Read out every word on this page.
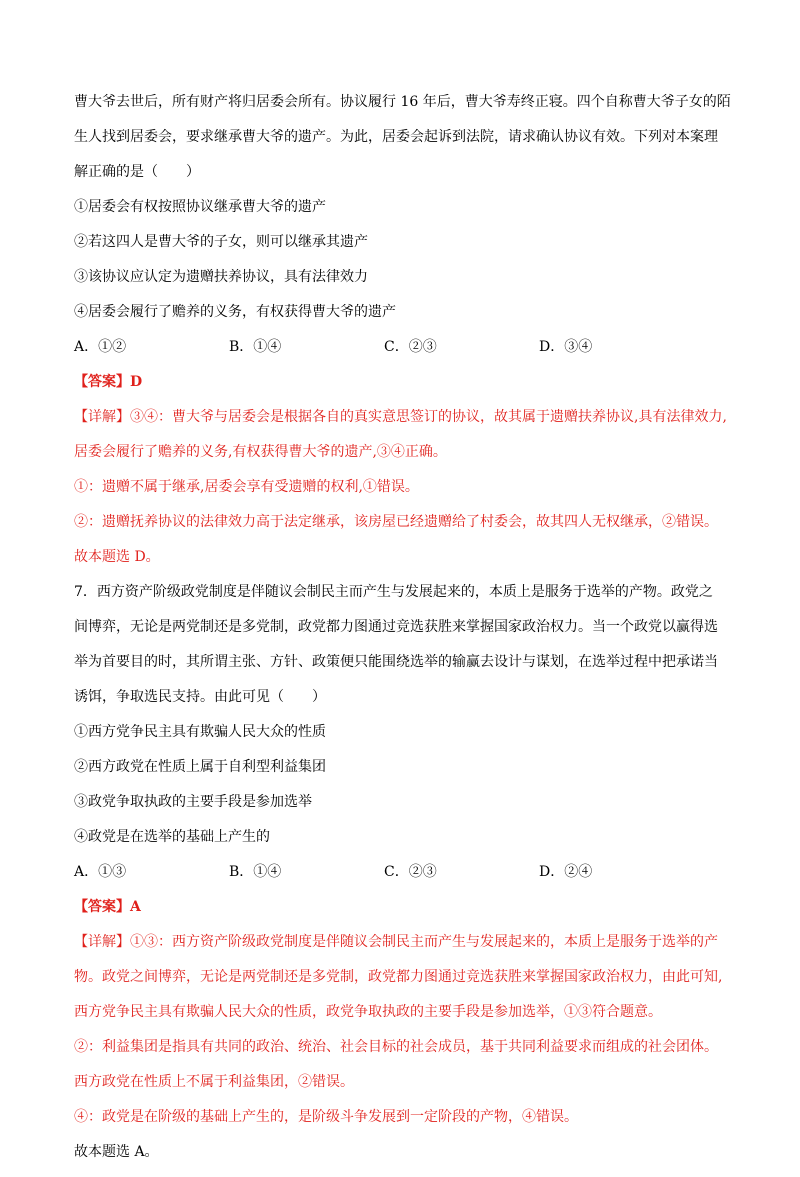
曹大爷去世后，所有财产将归居委会所有。协议履行 16 年后，曹大爷寿终正寝。四个自称曹大爷子女的陌
生人找到居委会，要求继承曹大爷的遗产。为此，居委会起诉到法院，请求确认协议有效。下列对本案理
解正确的是（　　）
①居委会有权按照协议继承曹大爷的遗产
②若这四人是曹大爷的子女，则可以继承其遗产
③该协议应认定为遗赠扶养协议，具有法律效力
④居委会履行了赡养的义务，有权获得曹大爷的遗产
A．①②	B．①④	C．②③	D．③④
【答案】D
【详解】③④：曹大爷与居委会是根据各自的真实意思签订的协议，故其属于遗赠扶养协议,具有法律效力,
居委会履行了赡养的义务,有权获得曹大爷的遗产,③④正确。
①：遗赠不属于继承,居委会享有受遗赠的权利,①错误。
②：遗赠抚养协议的法律效力高于法定继承，该房屋已经遗赠给了村委会，故其四人无权继承，②错误。
故本题选 D。
7．西方资产阶级政党制度是伴随议会制民主而产生与发展起来的，本质上是服务于选举的产物。政党之
间博弈，无论是两党制还是多党制，政党都力图通过竞选获胜来掌握国家政治权力。当一个政党以赢得选
举为首要目的时，其所谓主张、方针、政策便只能围绕选举的输赢去设计与谋划，在选举过程中把承诺当
诱饵，争取选民支持。由此可见（　　）
①西方党争民主具有欺骗人民大众的性质
②西方政党在性质上属于自利型利益集团
③政党争取执政的主要手段是参加选举
④政党是在选举的基础上产生的
A．①③	B．①④	C．②③	D．②④
【答案】A
【详解】①③：西方资产阶级政党制度是伴随议会制民主而产生与发展起来的，本质上是服务于选举的产
物。政党之间博弈，无论是两党制还是多党制，政党都力图通过竞选获胜来掌握国家政治权力，由此可知,
西方党争民主具有欺骗人民大众的性质，政党争取执政的主要手段是参加选举，①③符合题意。
②：利益集团是指具有共同的政治、统治、社会目标的社会成员，基于共同利益要求而组成的社会团体。
西方政党在性质上不属于利益集团，②错误。
④：政党是在阶级的基础上产生的，是阶级斗争发展到一定阶段的产物，④错误。
故本题选 A。
